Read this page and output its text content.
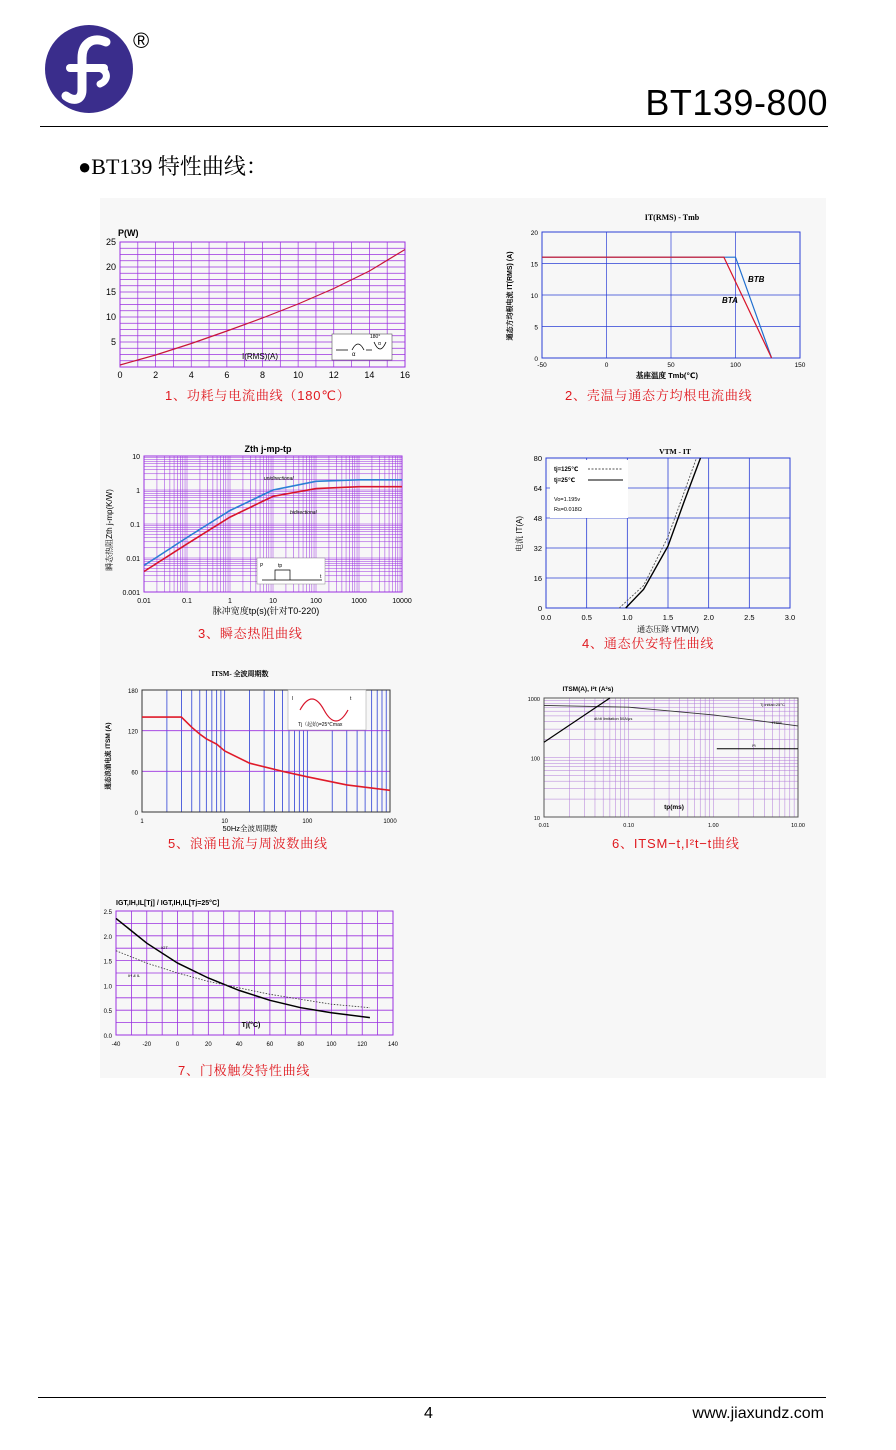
®
BT139-800
●BT139 特性曲线：
0	2	4	6	8	10	12	14	16
5
10
15
20
25
I(RMS)(A)
P(W)
α
180°
α
1、功耗与电流曲线（180℃）
-50	0	50	100	150
0
5
10
15
20
BTB
BTA
IT(RMS) - Tmb
基座温度 Tmb(℃)
通态方均根电流 IT(RMS) (A)
2、壳温与通态方均根电流曲线
0.01	0.1	1	10	100	1000	10000
0.001
0.01
0.1
1
10
unidirectional
bidirectional
Zth j-mp-tp
脉冲宽度tp(s)(针对T0-220)
瞬态热阻Zth j-mp(K/W)	P	tp
t
3、瞬态热阻曲线
0.0	0.5	1.0	1.5	2.0	2.5	3.0
0
16
32
48
64
80
VTM - IT
通态压降 VTM(V)
电流 IT(A)
tj=125℃
tj=25℃
Vo=1.195v
Rs=0.018Ω
4、通态伏安特性曲线
1	10	100	1000
0
60
120
180
ITSM- 全波周期数
50Hz全波周期数
通态浪涌电流 ITSM (A)
I	t
Tj（起始)=25℃max
5、浪涌电流与周波数曲线
0.01	0.10	1.00	10.00
10
100
1000
ITSM(A), I²t (A²s)
tp(ms)
Tj initial=25°C
ITSM
dI/dt limitation 50A/μs
I²t
6、ITSM−t,I²t−t曲线
-40	-20	0	20	40	60	80	100	120	140
0.0
0.5
1.0
1.5
2.0
2.5
IGT
IH & IL
IGT,IH,IL[Tj] / IGT,IH,IL[Tj=25°C]
Tj(°C)
7、门极触发特性曲线
4	www.jiaxundz.com
